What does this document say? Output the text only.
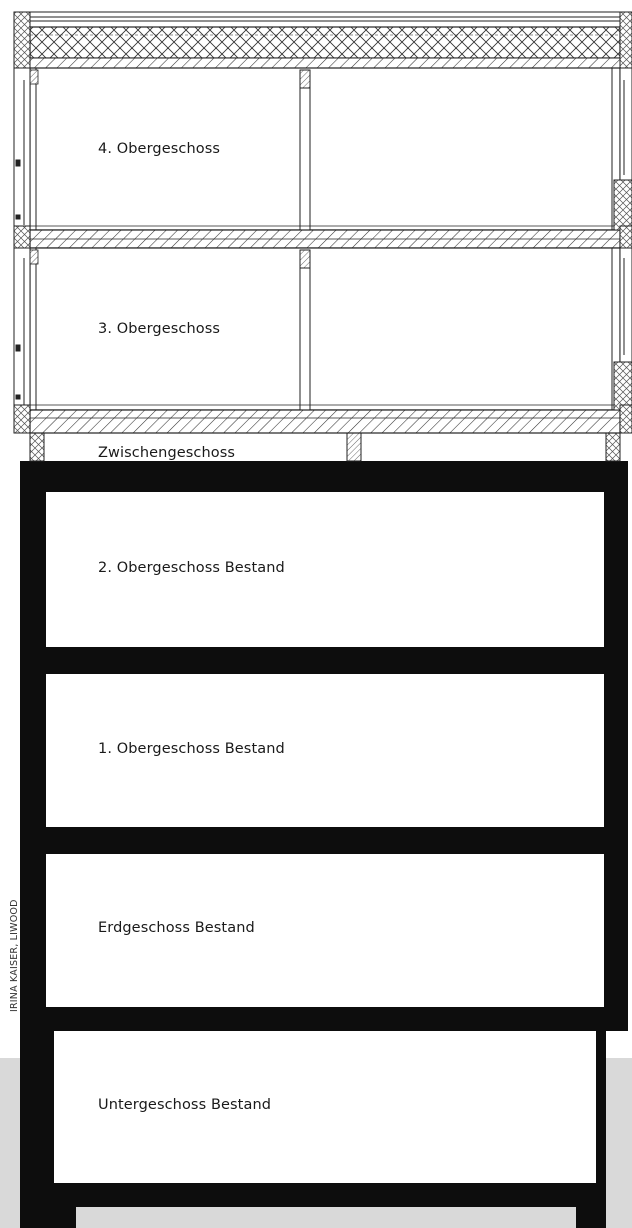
4. Obergeschoss
3. Obergeschoss
Zwischengeschoss
2. Obergeschoss Bestand
1. Obergeschoss Bestand
Erdgeschoss Bestand
Untergeschoss Bestand
IRINA KAISER, LIWOOD
